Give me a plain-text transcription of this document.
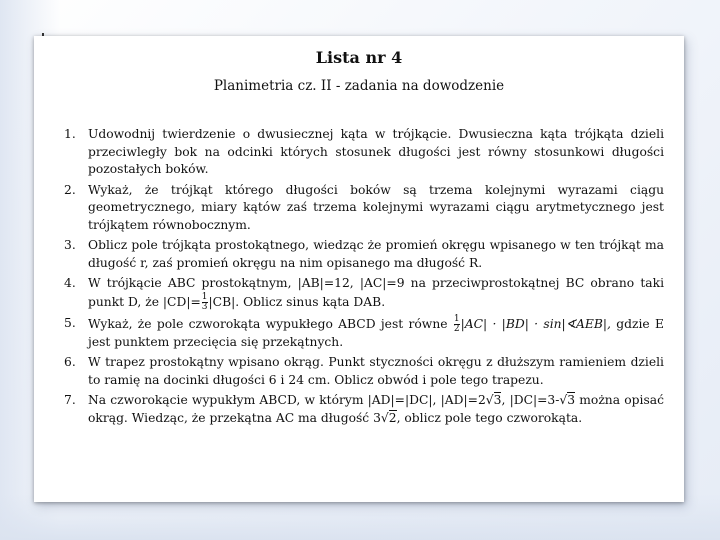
Lista nr 4
Planimetria cz. II - zadania na dowodzenie
1. Udowodnij twierdzenie o dwusiecznej kąta w trójkącie. Dwusieczna kąta trójkąta dzieli przeciwległy bok na odcinki których stosunek długości jest równy stosunkowi długości pozostałych boków.
2. Wykaż, że trójkąt którego długości boków są trzema kolejnymi wyrazami ciągu geometrycznego, miary kątów zaś trzema kolejnymi wyrazami ciągu arytmetycznego jest trójkątem równobocznym.
3. Oblicz pole trójkąta prostokątnego, wiedząc że promień okręgu wpisanego w ten trójkąt ma długość r, zaś promień okręgu na nim opisanego ma długość R.
4. W trójkącie ABC prostokątnym, |AB|=12, |AC|=9 na przeciwprostokątnej BC obrano taki punkt D, że $|CD|= \frac{1}{3} |CB|$. Oblicz sinus kąta DAB.
5. Wykaż, że pole czworokąta wypukłego ABCD jest równe $\frac{1}{2} |AC| \cdot |BD|$ · sin|∢AEB|, gdzie E jest punktem przecięcia się przekątnych.
6. W trapez prostokątny wpisano okrąg. Punkt styczności okręgu z dłuższym ramieniem dzieli to ramię na docinki długości 6 i 24 cm. Oblicz obwód i pole tego trapezu.
7. Na czworokącie wypukłym ABCD, w którym |AD|=|DC|, |AD|=2√3, |DC|=3-√3 można opisać okrąg. Wiedząc, że przekątna AC ma długość 3√2, oblicz pole tego czworokąta.
